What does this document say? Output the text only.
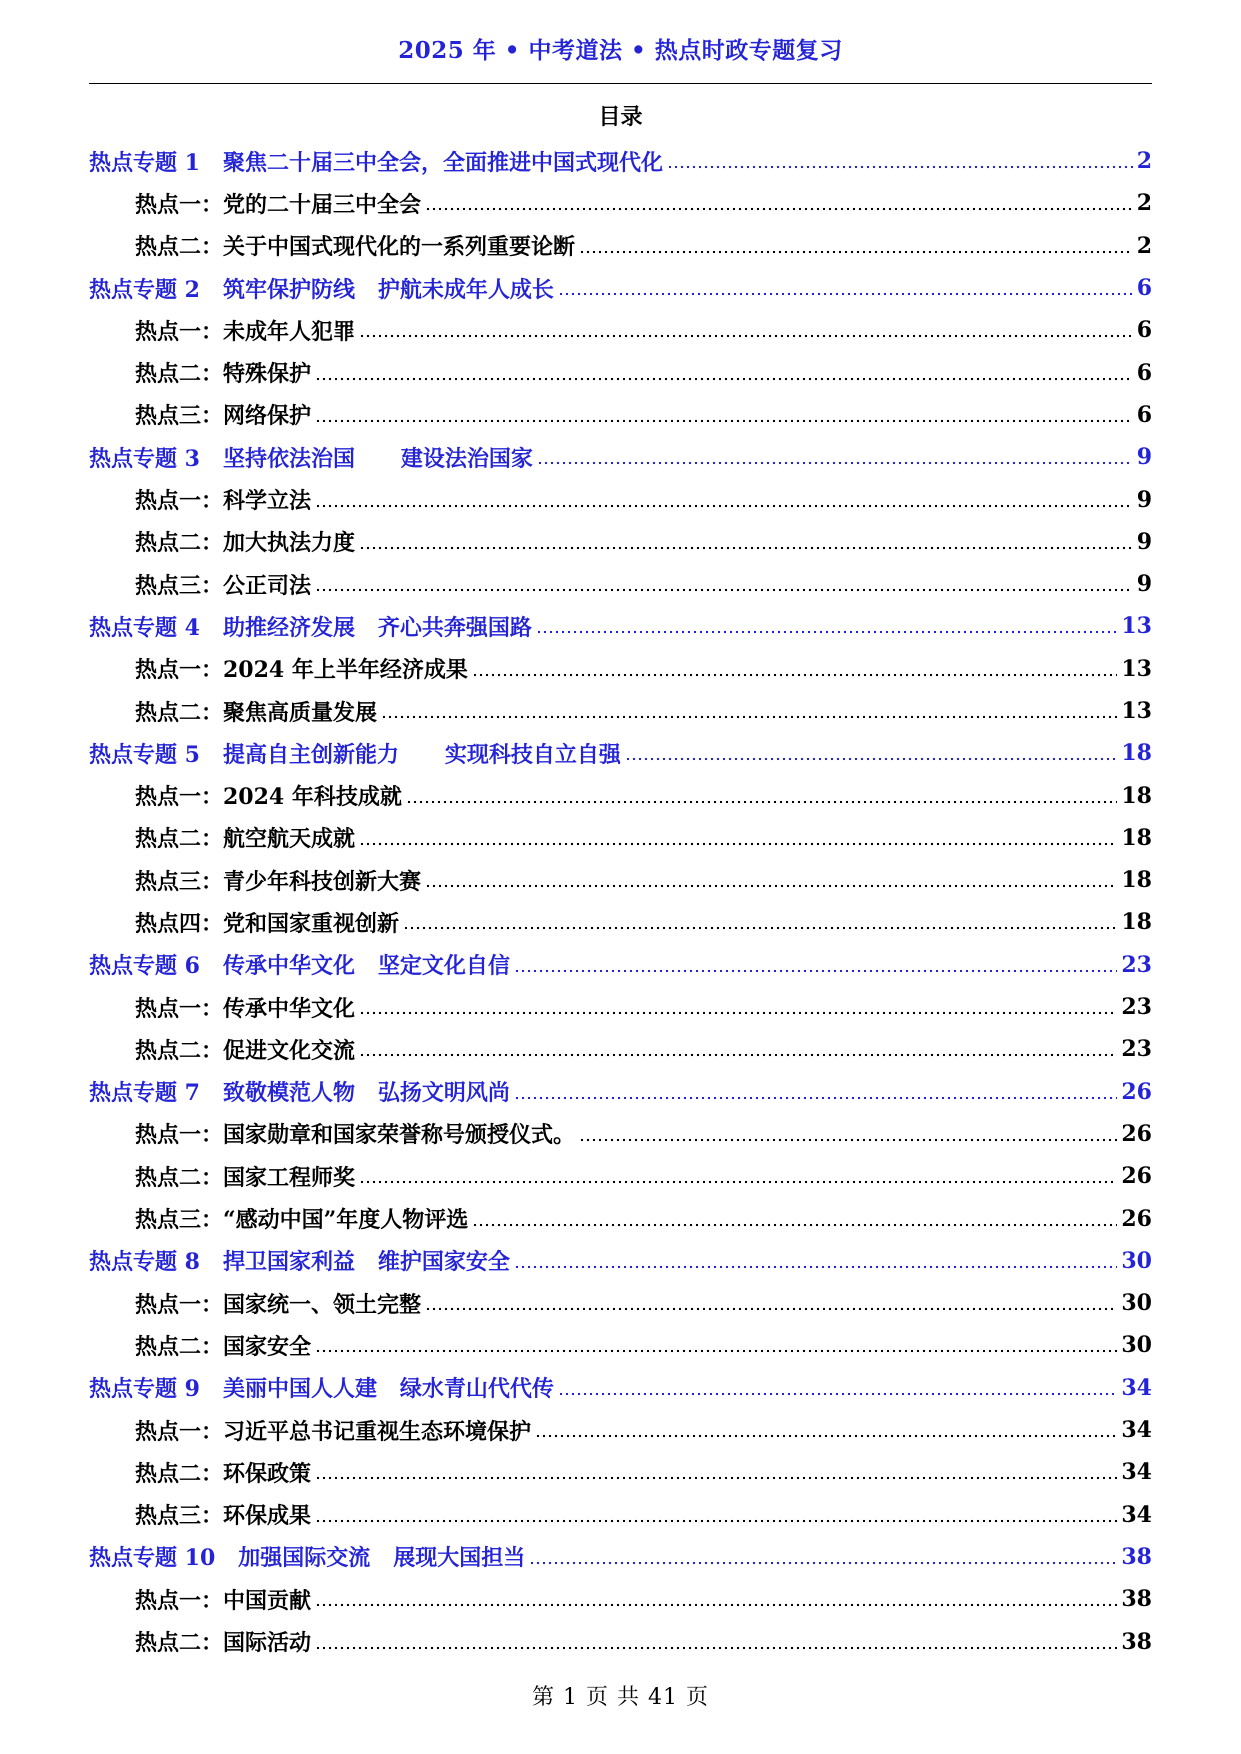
2025 年 • 中考道法 • 热点时政专题复习
目录
热点专题 1   聚焦二十届三中全会，全面推进中国式现代化	2
热点一：党的二十届三中全会	2
热点二：关于中国式现代化的一系列重要论断	2
热点专题 2   筑牢保护防线   护航未成年人成长	6
热点一：未成年人犯罪	6
热点二：特殊保护	6
热点三：网络保护	6
热点专题 3   坚持依法治国      建设法治国家	9
热点一：科学立法	9
热点二：加大执法力度	9
热点三：公正司法	9
热点专题 4   助推经济发展   齐心共奔强国路	13
热点一：2024 年上半年经济成果	13
热点二：聚焦高质量发展	13
热点专题 5   提高自主创新能力      实现科技自立自强	18
热点一：2024 年科技成就	18
热点二：航空航天成就	18
热点三：青少年科技创新大赛	18
热点四：党和国家重视创新	18
热点专题 6   传承中华文化   坚定文化自信	23
热点一：传承中华文化	23
热点二：促进文化交流	23
热点专题 7   致敬模范人物   弘扬文明风尚	26
热点一：国家勋章和国家荣誉称号颁授仪式。	26
热点二：国家工程师奖	26
热点三：“感动中国”年度人物评选	26
热点专题 8   捍卫国家利益   维护国家安全	30
热点一：国家统一、领土完整	30
热点二：国家安全	30
热点专题 9   美丽中国人人建   绿水青山代代传	34
热点一：习近平总书记重视生态环境保护	34
热点二：环保政策	34
热点三：环保成果	34
热点专题 10   加强国际交流   展现大国担当	38
热点一：中国贡献	38
热点二：国际活动	38
第 1 页 共 41 页
